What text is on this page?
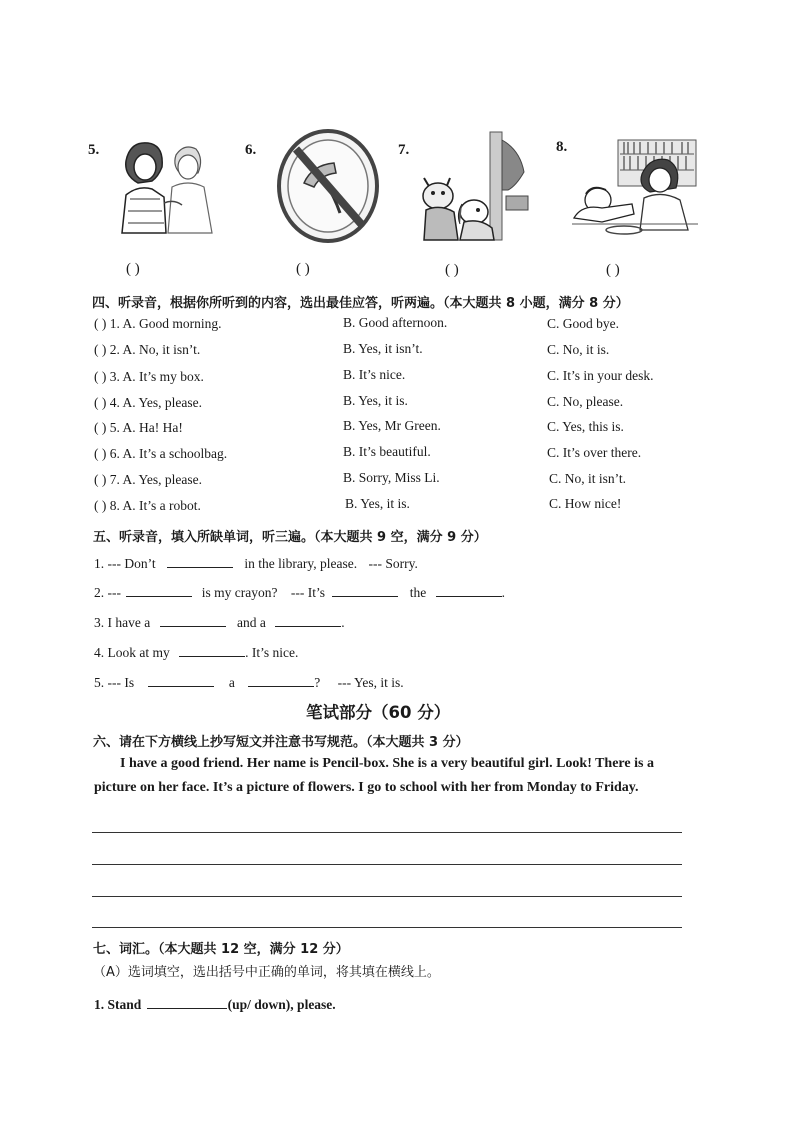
5.	6.	7.	8.
( )	( )	( )	( )
四、听录音，根据你所听到的内容，选出最佳应答，听两遍。（本大题共 8 小题，满分 8 分）
( ) 1. A. Good morning.	B. Good afternoon.	C. Good bye.
( ) 2. A. No, it isn’t.	B. Yes, it isn’t.	C. No, it is.
( ) 3. A. It’s my box.	B. It’s nice.	C. It’s in your desk.
( ) 4. A. Yes, please.	B. Yes, it is.	C. No, please.
( ) 5. A. Ha! Ha!	B. Yes, Mr Green.	C. Yes, this is.
( ) 6. A. It’s a schoolbag.	B. It’s beautiful.	C. It’s over there.
( ) 7. A. Yes, please.	B. Sorry, Miss Li.	C. No, it isn’t.
( ) 8. A. It’s a robot.	B. Yes, it is.	C. How nice!
五、听录音，填入所缺单词，听三遍。（本大题共 9 空，满分 9 分）
1. --- Don’t	in the library, please. --- Sorry.
2. ---	is my crayon? --- It’s	the	.
3. I have a	and a	.
4. Look at my	. It’s nice.
5. --- Is	a	? --- Yes, it is.
笔试部分（60 分）
六、请在下方横线上抄写短文并注意书写规范。（本大题共 3 分）
I have a good friend. Her name is Pencil-box. She is a very beautiful girl. Look! There is a
picture on her face. It’s a picture of flowers. I go to school with her from Monday to Friday.
七、词汇。（本大题共 12 空，满分 12 分）
（A）选词填空，选出括号中正确的单词，将其填在横线上。
1. Stand	(up/ down), please.
